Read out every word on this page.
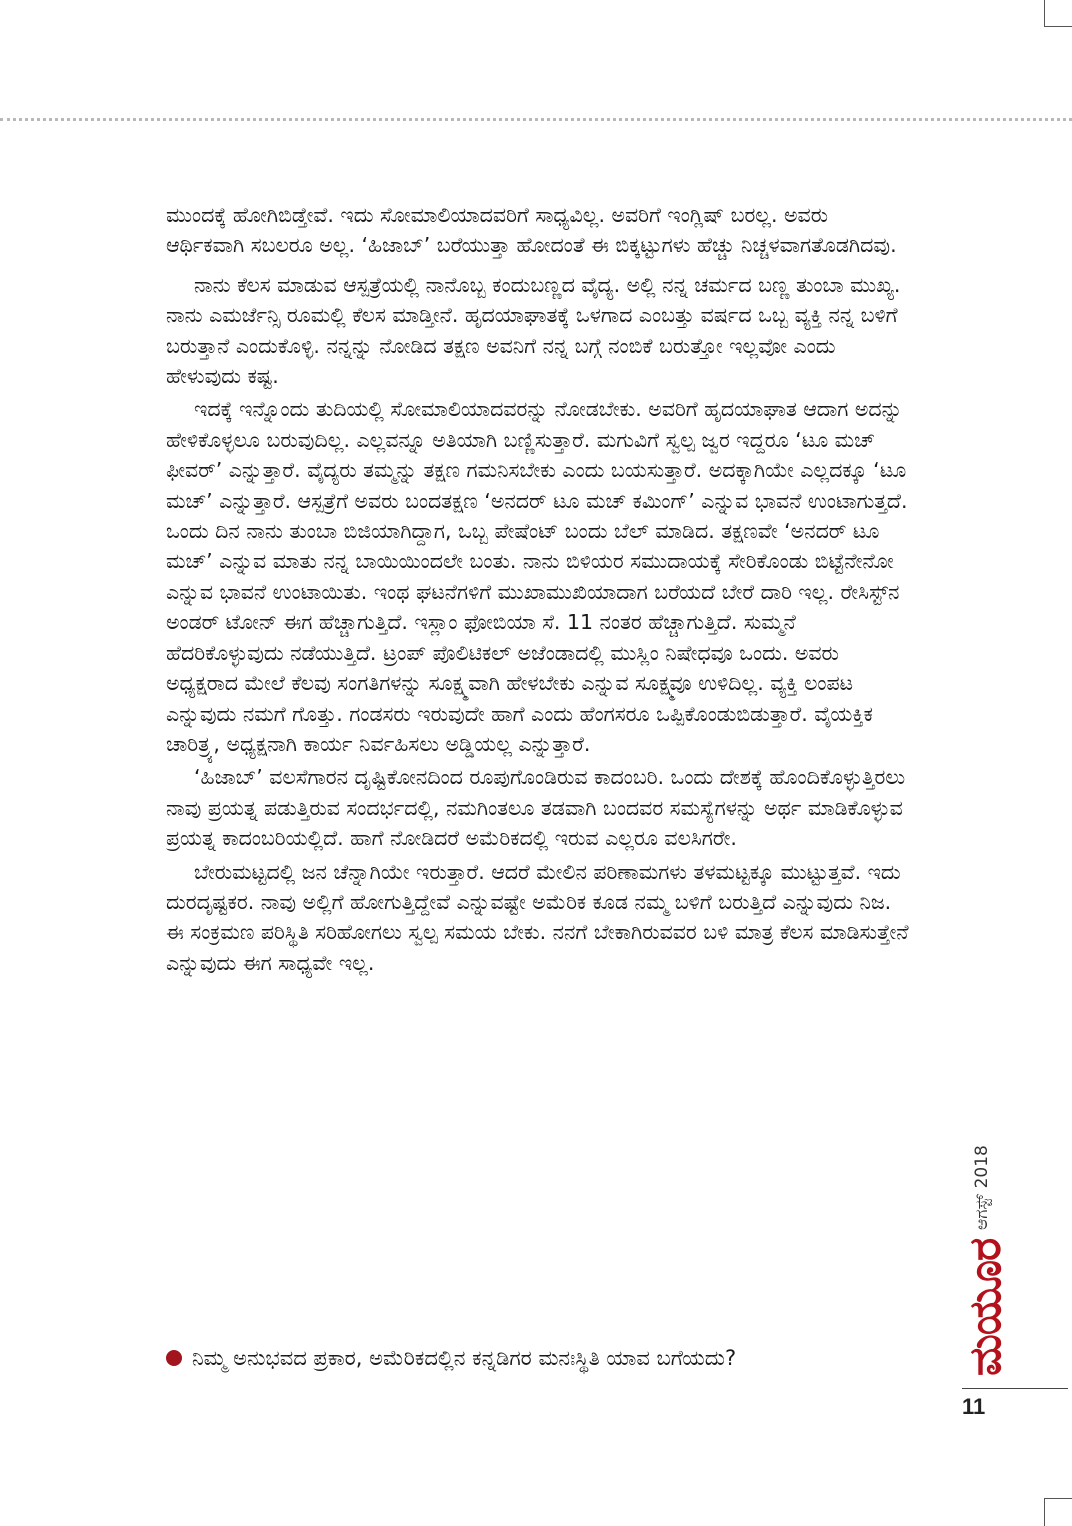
ಮುಂದಕ್ಕೆ ಹೋಗಿಬಿಡ್ತೇವೆ. ಇದು ಸೋಮಾಲಿಯಾದವರಿಗೆ ಸಾಧ್ಯವಿಲ್ಲ. ಅವರಿಗೆ ಇಂಗ್ಲಿಷ್ ಬರಲ್ಲ. ಅವರು ಆರ್ಥಿಕವಾಗಿ ಸಬಲರೂ ಅಲ್ಲ. ‘ಹಿಜಾಬ್’ ಬರೆಯುತ್ತಾ ಹೋದಂತೆ ಈ ಬಿಕ್ಕಟ್ಟುಗಳು ಹೆಚ್ಚು ನಿಚ್ಚಳವಾಗತೊಡಗಿದವು.

ನಾನು ಕೆಲಸ ಮಾಡುವ ಆಸ್ಪತ್ರೆಯಲ್ಲಿ ನಾನೊಬ್ಬ ಕಂದುಬಣ್ಣದ ವೈದ್ಯ. ಅಲ್ಲಿ ನನ್ನ ಚರ್ಮದ ಬಣ್ಣ ತುಂಬಾ ಮುಖ್ಯ. ನಾನು ಎಮರ್ಜೆನ್ಸಿ ರೂಮಲ್ಲಿ ಕೆಲಸ ಮಾಡ್ತೀನೆ. ಹೃದಯಾಘಾತಕ್ಕೆ ಒಳಗಾದ ಎಂಬತ್ತು ವರ್ಷದ ಒಬ್ಬ ವ್ಯಕ್ತಿ ನನ್ನ ಬಳಿಗೆ ಬರುತ್ತಾನೆ ಎಂದುಕೊಳ್ಳಿ. ನನ್ನನ್ನು ನೋಡಿದ ತಕ್ಷಣ ಅವನಿಗೆ ನನ್ನ ಬಗ್ಗೆ ನಂಬಿಕೆ ಬರುತ್ತೋ ಇಲ್ಲವೋ ಎಂದು ಹೇಳುವುದು ಕಷ್ಟ.

ಇದಕ್ಕೆ ಇನ್ನೊಂದು ತುದಿಯಲ್ಲಿ ಸೋಮಾಲಿಯಾದವರನ್ನು ನೋಡಬೇಕು. ಅವರಿಗೆ ಹೃದಯಾಘಾತ ಆದಾಗ ಅದನ್ನು ಹೇಳಿಕೊಳ್ಳಲೂ ಬರುವುದಿಲ್ಲ. ಎಲ್ಲವನ್ನೂ ಅತಿಯಾಗಿ ಬಣ್ಣಿಸುತ್ತಾರೆ. ಮಗುವಿಗೆ ಸ್ವಲ್ಪ ಜ್ವರ ಇದ್ದರೂ ‘ಟೂ ಮಚ್ ಫೀವರ್’ ಎನ್ನುತ್ತಾರೆ. ವೈದ್ಯರು ತಮ್ಮನ್ನು ತಕ್ಷಣ ಗಮನಿಸಬೇಕು ಎಂದು ಬಯಸುತ್ತಾರೆ. ಅದಕ್ಕಾಗಿಯೇ ಎಲ್ಲದಕ್ಕೂ ‘ಟೂ ಮಚ್’ ಎನ್ನುತ್ತಾರೆ. ಆಸ್ಪತ್ರೆಗೆ ಅವರು ಬಂದತಕ್ಷಣ ‘ಅನದರ್ ಟೂ ಮಚ್ ಕಮಿಂಗ್’ ಎನ್ನುವ ಭಾವನೆ ಉಂಟಾಗುತ್ತದೆ. ಒಂದು ದಿನ ನಾನು ತುಂಬಾ ಬಿಜಿಯಾಗಿದ್ದಾಗ, ಒಬ್ಬ ಪೇಷೆಂಟ್ ಬಂದು ಬೆಲ್ ಮಾಡಿದ. ತಕ್ಷಣವೇ ‘ಅನದರ್ ಟೂ ಮಚ್’ ಎನ್ನುವ ಮಾತು ನನ್ನ ಬಾಯಿಯಿಂದಲೇ ಬಂತು. ನಾನು ಬಿಳಿಯರ ಸಮುದಾಯಕ್ಕೆ ಸೇರಿಕೊಂಡು ಬಿಟ್ಟೆನೇನೋ ಎನ್ನುವ ಭಾವನೆ ಉಂಟಾಯಿತು. ಇಂಥ ಘಟನೆಗಳಿಗೆ ಮುಖಾಮುಖಿಯಾದಾಗ ಬರೆಯದೆ ಬೇರೆ ದಾರಿ ಇಲ್ಲ. ರೇಸಿಸ್ಟ್‌ನ ಅಂಡರ್ ಟೋನ್ ಈಗ ಹೆಚ್ಚಾಗುತ್ತಿದೆ. ಇಸ್ಲಾಂ ಫೋಬಿಯಾ ಸೆ. 11 ನಂತರ ಹೆಚ್ಚಾಗುತ್ತಿದೆ. ಸುಮ್ಮನೆ ಹೆದರಿಕೊಳ್ಳುವುದು ನಡೆಯುತ್ತಿದೆ. ಟ್ರಂಪ್ ಪೊಲಿಟಿಕಲ್ ಅಜೆಂಡಾದಲ್ಲಿ ಮುಸ್ಲಿಂ ನಿಷೇಧವೂ ಒಂದು. ಅವರು ಅಧ್ಯಕ್ಷರಾದ ಮೇಲೆ ಕೆಲವು ಸಂಗತಿಗಳನ್ನು ಸೂಕ್ಷ್ಮವಾಗಿ ಹೇಳಬೇಕು ಎನ್ನುವ ಸೂಕ್ಷ್ಮವೂ ಉಳಿದಿಲ್ಲ. ವ್ಯಕ್ತಿ ಲಂಪಟ ಎನ್ನುವುದು ನಮಗೆ ಗೊತ್ತು. ಗಂಡಸರು ಇರುವುದೇ ಹಾಗೆ ಎಂದು ಹೆಂಗಸರೂ ಒಪ್ಪಿಕೊಂಡುಬಿಡುತ್ತಾರೆ. ವೈಯಕ್ತಿಕ ಚಾರಿತ್ರ್ಯ, ಅಧ್ಯಕ್ಷನಾಗಿ ಕಾರ್ಯ ನಿರ್ವಹಿಸಲು ಅಡ್ಡಿಯಲ್ಲ ಎನ್ನುತ್ತಾರೆ.

‘ಹಿಜಾಬ್’ ವಲಸೆಗಾರನ ದೃಷ್ಟಿಕೋನದಿಂದ ರೂಪುಗೊಂಡಿರುವ ಕಾದಂಬರಿ. ಒಂದು ದೇಶಕ್ಕೆ ಹೊಂದಿಕೊಳ್ಳುತ್ತಿರಲು ನಾವು ಪ್ರಯತ್ನ ಪಡುತ್ತಿರುವ ಸಂದರ್ಭದಲ್ಲಿ, ನಮಗಿಂತಲೂ ತಡವಾಗಿ ಬಂದವರ ಸಮಸ್ಯೆಗಳನ್ನು ಅರ್ಥ ಮಾಡಿಕೊಳ್ಳುವ ಪ್ರಯತ್ನ ಕಾದಂಬರಿಯಲ್ಲಿದೆ. ಹಾಗೆ ನೋಡಿದರೆ ಅಮೆರಿಕದಲ್ಲಿ ಇರುವ ಎಲ್ಲರೂ ವಲಸಿಗರೇ.

ಬೇರುಮಟ್ಟದಲ್ಲಿ ಜನ ಚೆನ್ನಾಗಿಯೇ ಇರುತ್ತಾರೆ. ಆದರೆ ಮೇಲಿನ ಪರಿಣಾಮಗಳು ತಳಮಟ್ಟಕ್ಕೂ ಮುಟ್ಟುತ್ತವೆ. ಇದು ದುರದೃಷ್ಟಕರ. ನಾವು ಅಲ್ಲಿಗೆ ಹೋಗುತ್ತಿದ್ದೇವೆ ಎನ್ನುವಷ್ಟೇ ಅಮೆರಿಕ ಕೂಡ ನಮ್ಮ ಬಳಿಗೆ ಬರುತ್ತಿದೆ ಎನ್ನುವುದು ನಿಜ. ಈ ಸಂಕ್ರಮಣ ಪರಿಸ್ಥಿತಿ ಸರಿಹೋಗಲು ಸ್ವಲ್ಪ ಸಮಯ ಬೇಕು. ನನಗೆ ಬೇಕಾಗಿರುವವರ ಬಳಿ ಮಾತ್ರ ಕೆಲಸ ಮಾಡಿಸುತ್ತೇನೆ ಎನ್ನುವುದು ಈಗ ಸಾಧ್ಯವೇ ಇಲ್ಲ.

ನಿಮ್ಮ ಅನುಭವದ ಪ್ರಕಾರ, ಅಮೆರಿಕದಲ್ಲಿನ ಕನ್ನಡಿಗರ ಮನಃಸ್ಥಿತಿ ಯಾವ ಬಗೆಯದು?
ಆಗಸ್ಟ್ 2018
ಮಯೂರ
11
